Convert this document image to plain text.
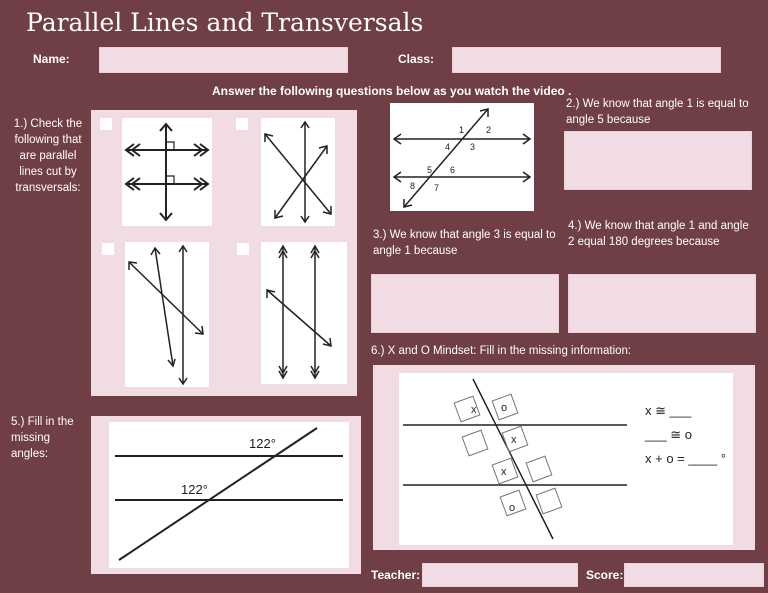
Parallel Lines and Transversals
Name:	Class:
Answer the following questions below as you watch the video .
1.) Check the following that are parallel lines cut by transversals:
1 2
4 3
5 6
8 7
2.) We know that angle 1 is equal to angle 5 because
3.) We know that angle 3 is equal to angle 1 because
4.) We know that angle 1 and angle 2 equal 180 degrees because
6.) X and O Mindset: Fill in the missing information:
x o
x
x
o
x ≅ ___
___ ≅ o
x + o = ____ °
5.) Fill in the missing angles:
122°
122°
Teacher:	Score:
